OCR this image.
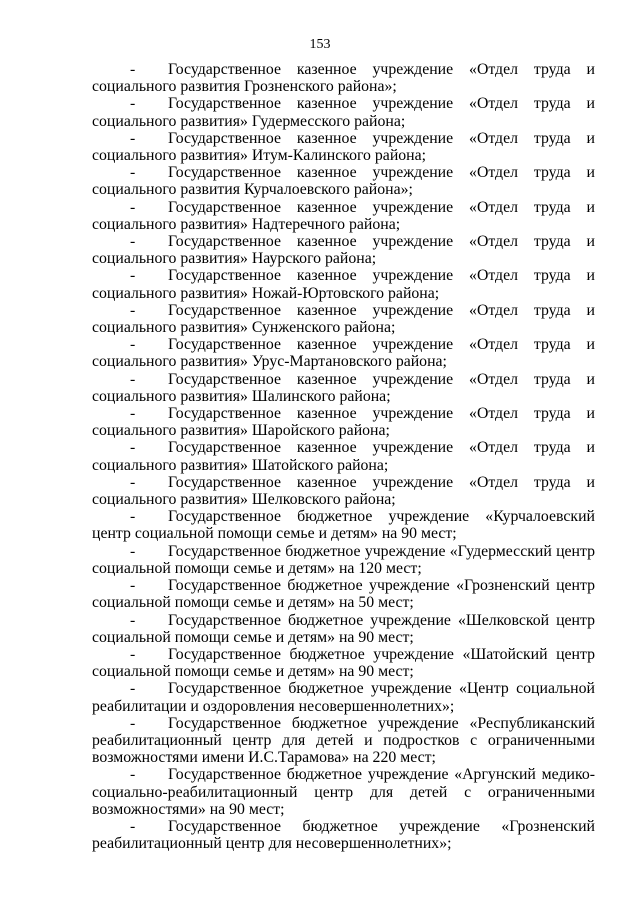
153

- Государственное казенное учреждение «Отдел труда и социального развития Грозненского района»;

- Государственное казенное учреждение «Отдел труда и социального развития» Гудермесского района;

- Государственное казенное учреждение «Отдел труда и социального развития» Итум-Калинского района;

- Государственное казенное учреждение «Отдел труда и социального развития Курчалоевского района»;

- Государственное казенное учреждение «Отдел труда и социального развития» Надтеречного района;

- Государственное казенное учреждение «Отдел труда и социального развития» Наурского района;

- Государственное казенное учреждение «Отдел труда и социального развития» Ножай-Юртовского района;

- Государственное казенное учреждение «Отдел труда и социального развития» Сунженского района;

- Государственное казенное учреждение «Отдел труда и социального развития» Урус-Мартановского района;

- Государственное казенное учреждение «Отдел труда и социального развития» Шалинского района;

- Государственное казенное учреждение «Отдел труда и социального развития» Шаройского района;

- Государственное казенное учреждение «Отдел труда и социального развития» Шатойского района;

- Государственное казенное учреждение «Отдел труда и социального развития» Шелковского района;

- Государственное бюджетное учреждение «Курчалоевский центр социальной помощи семье и детям» на 90 мест;

- Государственное бюджетное учреждение «Гудермесский центр социальной помощи семье и детям» на 120 мест;

- Государственное бюджетное учреждение «Грозненский центр социальной помощи семье и детям» на 50 мест;

- Государственное бюджетное учреждение «Шелковской центр социальной помощи семье и детям» на 90 мест;

- Государственное бюджетное учреждение «Шатойский центр социальной помощи семье и детям» на 90 мест;

- Государственное бюджетное учреждение «Центр социальной реабилитации и оздоровления несовершеннолетних»;

- Государственное бюджетное учреждение «Республиканский реабилитационный центр для детей и подростков с ограниченными возможностями имени И.С.Тарамова» на 220 мест;

- Государственное бюджетное учреждение «Аргунский медико-социально-реабилитационный центр для детей с ограниченными возможностями» на 90 мест;

- Государственное бюджетное учреждение «Грозненский реабилитационный центр для несовершеннолетних»;
